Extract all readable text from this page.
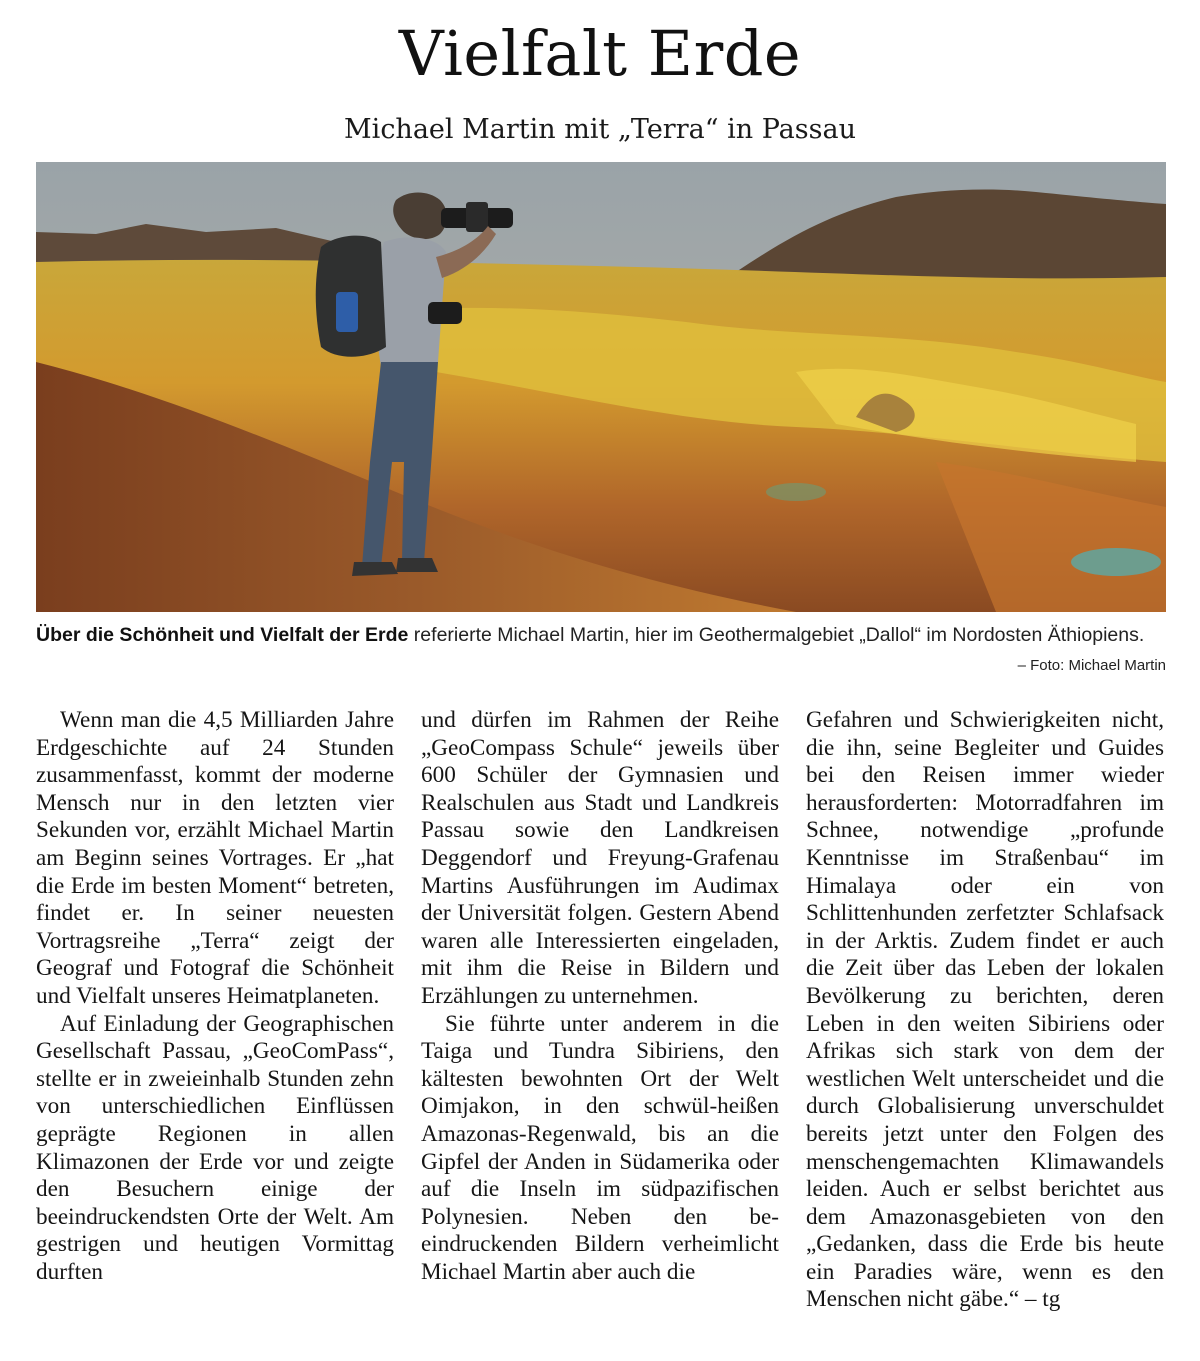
Vielfalt Erde
Michael Martin mit „Terra“ in Passau
Über die Schönheit und Vielfalt der Erde referierte Michael Martin, hier im Geothermalgebiet „Dallol“ im Nordosten Äthiopiens.
– Foto: Michael Martin

Wenn man die 4,5 Milliarden Jahre Erdgeschichte auf 24 Stunden zusammenfasst, kommt der moderne Mensch nur in den letzten vier Sekunden vor, erzählt Michael Martin am Beginn seines Vortrages. Er „hat die Erde im besten Moment“ betreten, findet er. In seiner neuesten Vortragsreihe „Terra“ zeigt der Geograf und Fotograf die Schönheit und Vielfalt unseres Heimatplaneten.

Auf Einladung der Geographischen Gesellschaft Passau, „GeoComPass“, stellte er in zweieinhalb Stunden zehn von unterschiedlichen Einflüssen geprägte Regionen in allen Klimazonen der Erde vor und zeigte den Besuchern einige der beeindruckendsten Orte der Welt. Am gestrigen und heutigen Vormittag durften

und dürfen im Rahmen der Reihe „GeoCompass Schule“ jeweils über 600 Schüler der Gymnasien und Realschulen aus Stadt und Landkreis Passau sowie den Landkreisen Deggendorf und Freyung-Grafenau Martins Ausführungen im Audimax der Universität folgen. Gestern Abend waren alle Interessierten eingeladen, mit ihm die Reise in Bildern und Erzählungen zu unternehmen.

Sie führte unter anderem in die Taiga und Tundra Sibiriens, den kältesten bewohnten Ort der Welt Oimjakon, in den schwül-heißen Amazonas-Regenwald, bis an die Gipfel der Anden in Südamerika oder auf die Inseln im südpazifischen Polynesien. Neben den beeindruckenden Bildern verheimlicht Michael Martin aber auch die

Gefahren und Schwierigkeiten nicht, die ihn, seine Begleiter und Guides bei den Reisen immer wieder herausforderten: Motorradfahren im Schnee, notwendige „profunde Kenntnisse im Straßenbau“ im Himalaya oder ein von Schlittenhunden zerfetzter Schlafsack in der Arktis. Zudem findet er auch die Zeit über das Leben der lokalen Bevölkerung zu berichten, deren Leben in den weiten Sibiriens oder Afrikas sich stark von dem der westlichen Welt unterscheidet und die durch Globalisierung unverschuldet bereits jetzt unter den Folgen des menschengemachten Klimawandels leiden. Auch er selbst berichtet aus dem Amazonasgebieten von den „Gedanken, dass die Erde bis heute ein Paradies wäre, wenn es den Menschen nicht gäbe.“ – tg
